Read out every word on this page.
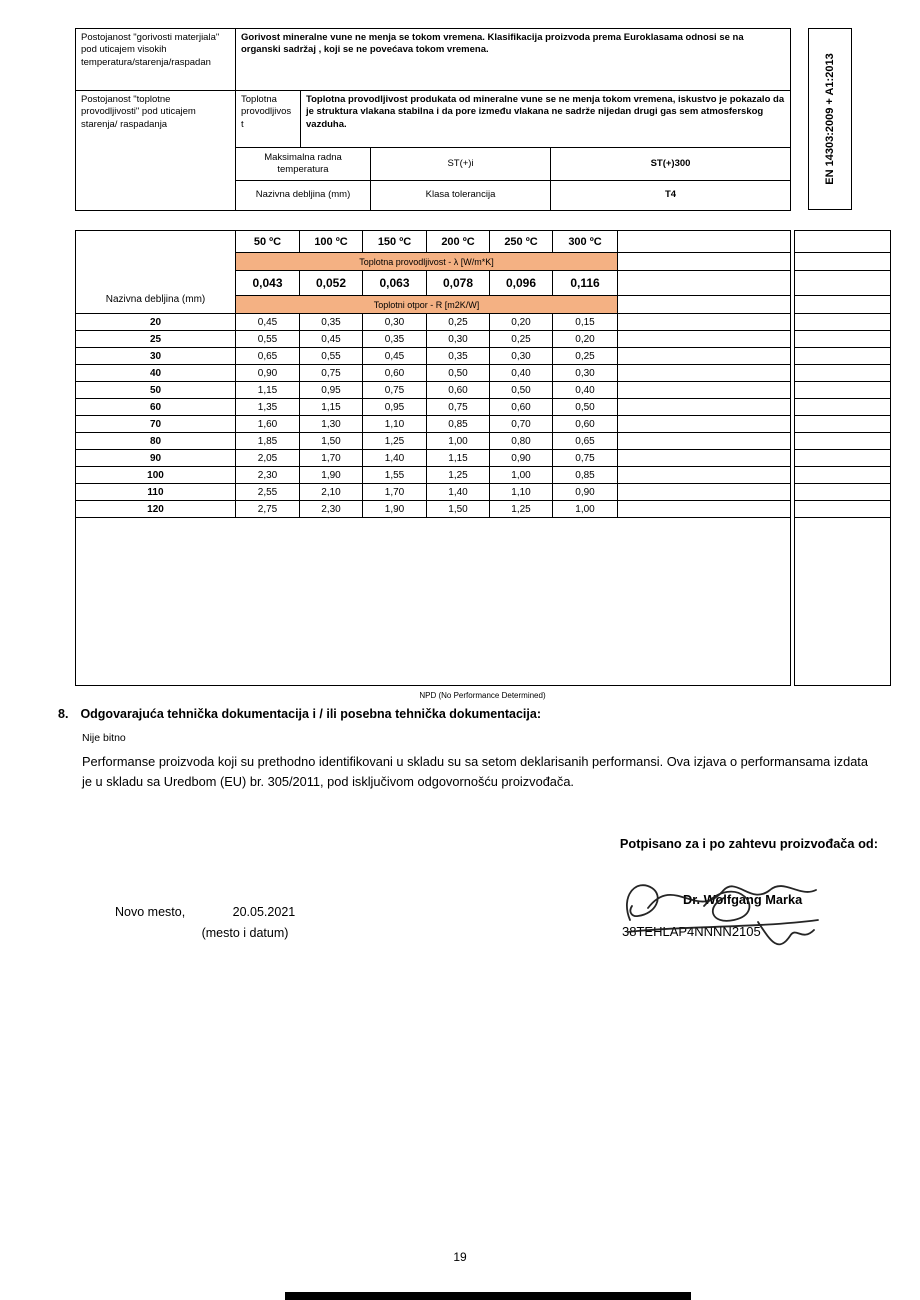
Postojanost "gorivosti materjiala" pod uticajem visokih temperatura/starenja/raspadan	Gorivost mineralne vune ne menja se tokom vremena. Klasifikacija proizvoda prema Euroklasama odnosi se na organski sadržaj , koji se ne povećava tokom vremena.			
Postojanost "toplotne provodljivosti" pod uticajem starenja/ raspadanja	Toplotna provodljivos t	Toplotna provodljivost produkata od mineralne vune se ne menja tokom vremena, iskustvo je pokazalo da je struktura vlakana stabilna i da pore između vlakana ne sadrže nijedan drugi gas sem atmosferskog vazduha.		
	Maksimalna radna temperatura		ST(+)i	ST(+)300
	Nazivna debljina (mm)		Klasa tolerancija	T4
EN 14303:2009 + A1:2013
Nazivna debljina (mm)	50 ºC	100 ºC	150 ºC	200 ºC	250 ºC	300 ºC	
	Toplotna provodljivost - λ [W/m*K]						
	0,043	0,052	0,063	0,078	0,096	0,116	
	Toplotni otpor - R [m2K/W]						
20	0,45	0,35	0,30	0,25	0,20	0,15	
25	0,55	0,45	0,35	0,30	0,25	0,20	
30	0,65	0,55	0,45	0,35	0,30	0,25	
40	0,90	0,75	0,60	0,50	0,40	0,30	
50	1,15	0,95	0,75	0,60	0,50	0,40	
60	1,35	1,15	0,95	0,75	0,60	0,50	
70	1,60	1,30	1,10	0,85	0,70	0,60	
80	1,85	1,50	1,25	1,00	0,80	0,65	
90	2,05	1,70	1,40	1,15	0,90	0,75	
100	2,30	1,90	1,55	1,25	1,00	0,85	
110	2,55	2,10	1,70	1,40	1,10	0,90	
120	2,75	2,30	1,90	1,50	1,25	1,00	

NPD (No Performance Determined)
8. Odgovarajuća tehnička dokumentacija i / ili posebna tehnička dokumentacija:
Nije bitno
Performanse proizvoda koji su prethodno identifikovani u skladu su sa setom deklarisanih performansi. Ova izjava o performansama izdata je u skladu sa Uredbom (EU) br. 305/2011, pod isključivom odgovornošću proizvođača.
Potpisano za i po zahtevu proizvođača od:
Novo mesto,	20.05.2021
(mesto i datum)
Dr. Wolfgang Marka
38TEHLAP4NNNN2105
19
